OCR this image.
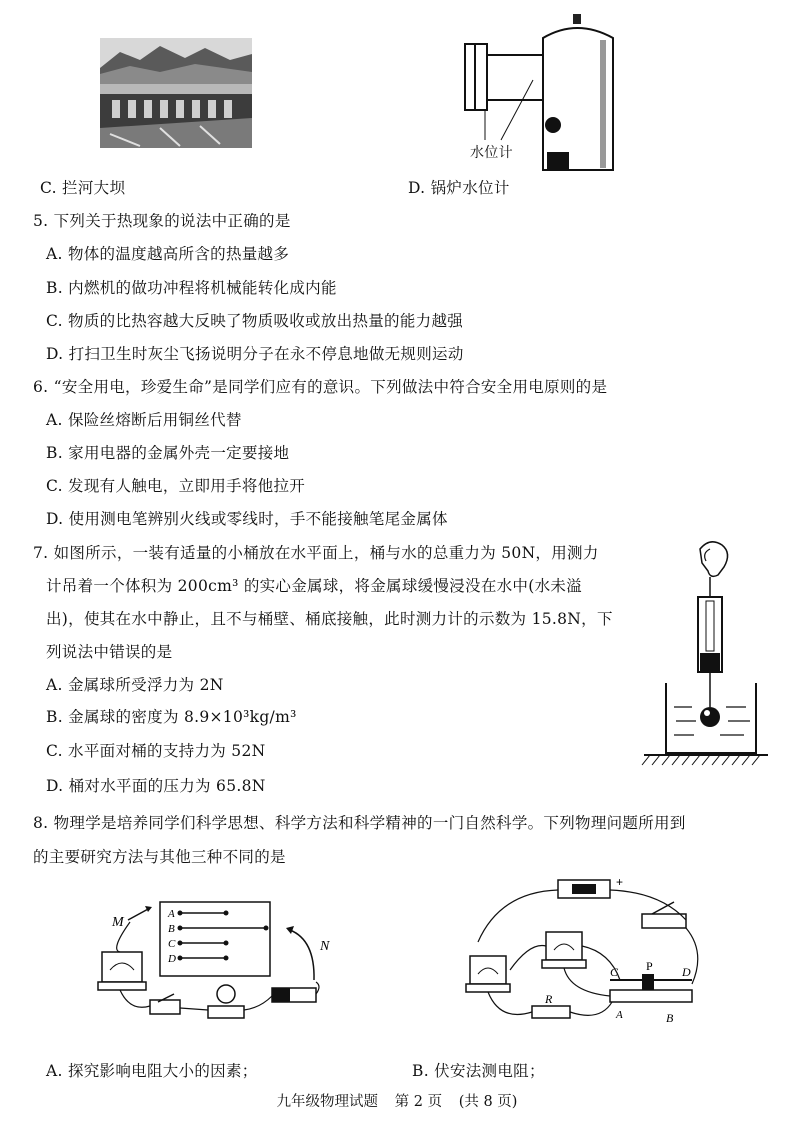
水位计
C. 拦河大坝	D. 锅炉水位计
5. 下列关于热现象的说法中正确的是
A. 物体的温度越高所含的热量越多
B. 内燃机的做功冲程将机械能转化成内能
C. 物质的比热容越大反映了物质吸收或放出热量的能力越强
D. 打扫卫生时灰尘飞扬说明分子在永不停息地做无规则运动
6. “安全用电，珍爱生命”是同学们应有的意识。下列做法中符合安全用电原则的是
A. 保险丝熔断后用铜丝代替
B. 家用电器的金属外壳一定要接地
C. 发现有人触电，立即用手将他拉开
D. 使用测电笔辨别火线或零线时，手不能接触笔尾金属体
7. 如图所示，一装有适量的小桶放在水平面上，桶与水的总重力为 50N，用测力
计吊着一个体积为 200cm³ 的实心金属球，将金属球缓慢浸没在水中(水未溢
出)，使其在水中静止，且不与桶壁、桶底接触，此时测力计的示数为 15.8N，下
列说法中错误的是
A. 金属球所受浮力为 2N
B. 金属球的密度为 8.9×10³kg/m³
C. 水平面对桶的支持力为 52N
D. 桶对水平面的压力为 65.8N
8. 物理学是培养同学们科学思想、科学方法和科学精神的一门自然科学。下列物理问题所用到
的主要研究方法与其他三种不同的是
M
A
B
C
D
N
+
R
C P D
A	B
A. 探究影响电阻大小的因素；	B. 伏安法测电阻；
九年级物理试题 第 2 页 (共 8 页)
